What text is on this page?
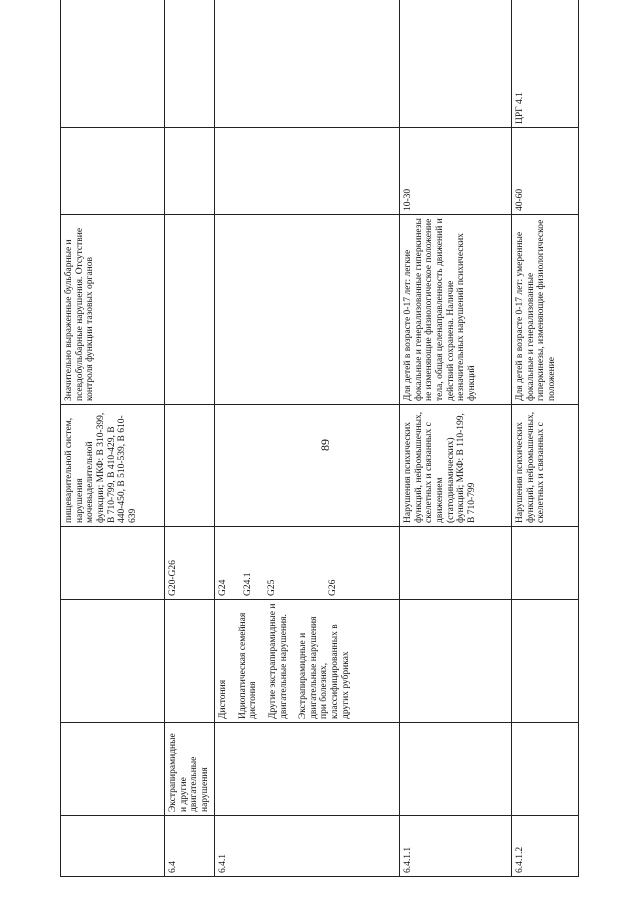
89
				пищеварительной систем, нарушения мочевыделительной функции; МКФ: В 310-399, В 710-799, В 410-429, В 440-450, В 510-539, В 610-639	Значительно выраженные бульбарные и псевдобульбарные нарушения. Отсутствие контроля функции тазовых органов		
6.4	Экстрапирамидные и другие двигательные нарушения		G20-G26				

6.4.1		Дистония Идиопатическая семейная дистония Другие экстрапирамидные и двигательные нарушения. Экстрапирамидные и двигательные нарушения при болезнях, классифицированных в других рубриках	G24 G24.1 G25 G26				

6.4.1.1				Нарушения психических функций, нейромышечных, скелетных и связанных с движением (статодинамических) функций; МКФ: В 110-199, В 710-799	Для детей в возрасте 0-17 лет: легкие фокальные и генерализованные гиперкинезы не изменяющие физиологическое положение тела, общая целенаправленность движений и действий сохранена. Наличие незначительных нарушений психических функций	10-30	
6.4.1.2				Нарушения психических функций, нейромышечных, скелетных и связанных с	Для детей в возрасте 0-17 лет: умеренные фокальные и генерализованные гиперкинезы, изменяющие физиологическое положение	40-60	ЦРГ 4.1
